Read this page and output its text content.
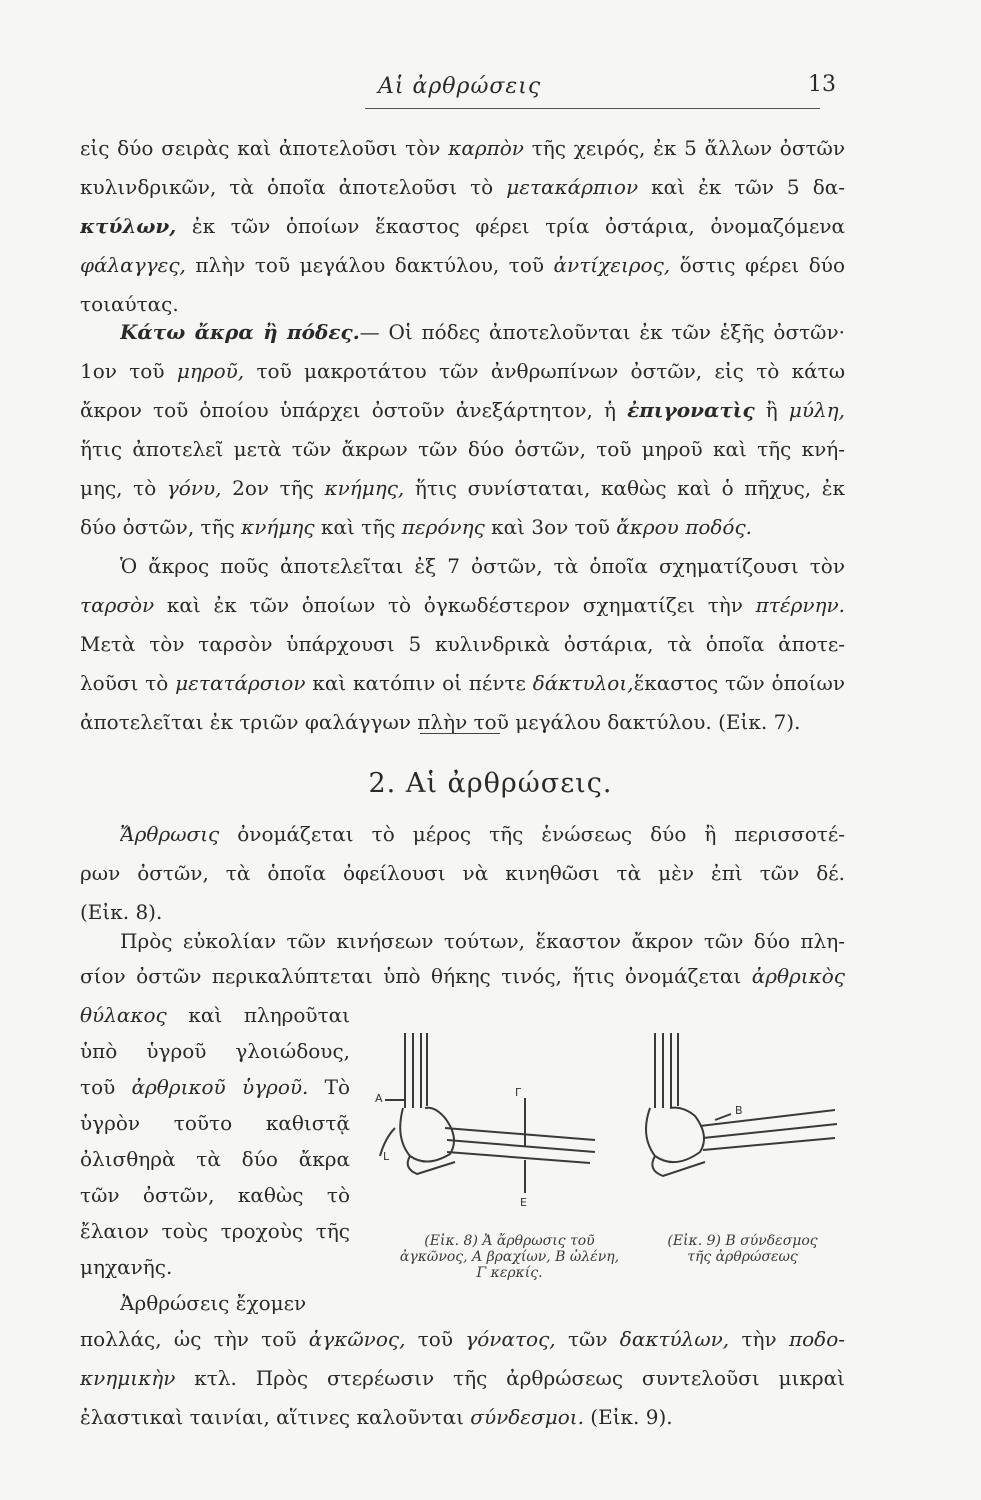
Αἱ ἀρθρώσεις	13
εἰς δύο σειρὰς καὶ ἀποτελοῦσι τὸν καρπὸν τῆς χειρός, ἐκ 5 ἄλλων ὀστῶν
κυλινδρικῶν, τὰ ὁποῖα ἀποτελοῦσι τὸ μετακάρπιον καὶ ἐκ τῶν 5 δα-
κτύλων, ἐκ τῶν ὁποίων ἕκαστος φέρει τρία ὀστάρια, ὀνομαζόμενα
φάλαγγες, πλὴν τοῦ μεγάλου δακτύλου, τοῦ ἀντίχειρος, ὅστις φέρει δύο
τοιαύτας.
Κάτω ἄκρα ἢ πόδες.— Οἱ πόδες ἀποτελοῦνται ἐκ τῶν ἑξῆς ὀστῶν·
1ον τοῦ μηροῦ, τοῦ μακροτάτου τῶν ἀνθρωπίνων ὀστῶν, εἰς τὸ κάτω
ἄκρον τοῦ ὁποίου ὑπάρχει ὀστοῦν ἀνεξάρτητον, ἡ ἐπιγονατὶς ἢ μύλη,
ἥτις ἀποτελεῖ μετὰ τῶν ἄκρων τῶν δύο ὀστῶν, τοῦ μηροῦ καὶ τῆς κνή-
μης, τὸ γόνυ, 2ον τῆς κνήμης, ἥτις συνίσταται, καθὼς καὶ ὁ πῆχυς, ἐκ
δύο ὀστῶν, τῆς κνήμης καὶ τῆς περόνης καὶ 3ον τοῦ ἄκρου ποδός.
Ὁ ἄκρος ποῦς ἀποτελεῖται ἐξ 7 ὀστῶν, τὰ ὁποῖα σχηματίζουσι τὸν
ταρσὸν καὶ ἐκ τῶν ὁποίων τὸ ὀγκωδέστερον σχηματίζει τὴν πτέρνην.
Μετὰ τὸν ταρσὸν ὑπάρχουσι 5 κυλινδρικὰ ὀστάρια, τὰ ὁποῖα ἀποτε-
λοῦσι τὸ μετατάρσιον καὶ κατόπιν οἱ πέντε δάκτυλοι,ἕκαστος τῶν ὁποίων
ἀποτελεῖται ἐκ τριῶν φαλάγγων πλὴν τοῦ μεγάλου δακτύλου. (Εἰκ. 7).
2. Αἱ ἀρθρώσεις.
Ἄρθρωσις ὀνομάζεται τὸ μέρος τῆς ἑνώσεως δύο ἢ περισσοτέ-
ρων ὀστῶν, τὰ ὁποῖα ὀφείλουσι νὰ κινηθῶσι τὰ μὲν ἐπὶ τῶν δέ.
(Εἰκ. 8).
Πρὸς εὐκολίαν τῶν κινήσεων τούτων, ἕκαστον ἄκρον τῶν δύο πλη-
σίον ὀστῶν περικαλύπτεται ὑπὸ θήκης τινός, ἥτις ὀνομάζεται ἀρθρικὸς
θύλακος καὶ πληροῦται
ὑπὸ ὑγροῦ γλοιώδους,
τοῦ ἀρθρικοῦ ὑγροῦ. Τὸ
ὑγρὸν τοῦτο καθιστᾷ
ὀλισθηρὰ τὰ δύο ἄκρα
τῶν ὀστῶν, καθὼς τὸ
ἔλαιον τοὺς τροχοὺς τῆς
μηχανῆς.
Ἀρθρώσεις ἔχομεν
Α	Γ
L
Ε
Β
(Εἰκ. 8) Ἀ ἄρθρωσις τοῦ
ἀγκῶνος, Α βραχίων, Β ὠλένη,
Γ κερκίς.
(Εἰκ. 9) Β σύνδεσμος
τῆς ἀρθρώσεως
πολλάς, ὡς τὴν τοῦ ἀγκῶνος, τοῦ γόνατος, τῶν δακτύλων, τὴν ποδο-
κνημικὴν κτλ. Πρὸς στερέωσιν τῆς ἀρθρώσεως συντελοῦσι μικραὶ
ἐλαστικαὶ ταινίαι, αἵτινες καλοῦνται σύνδεσμοι. (Εἰκ. 9).
